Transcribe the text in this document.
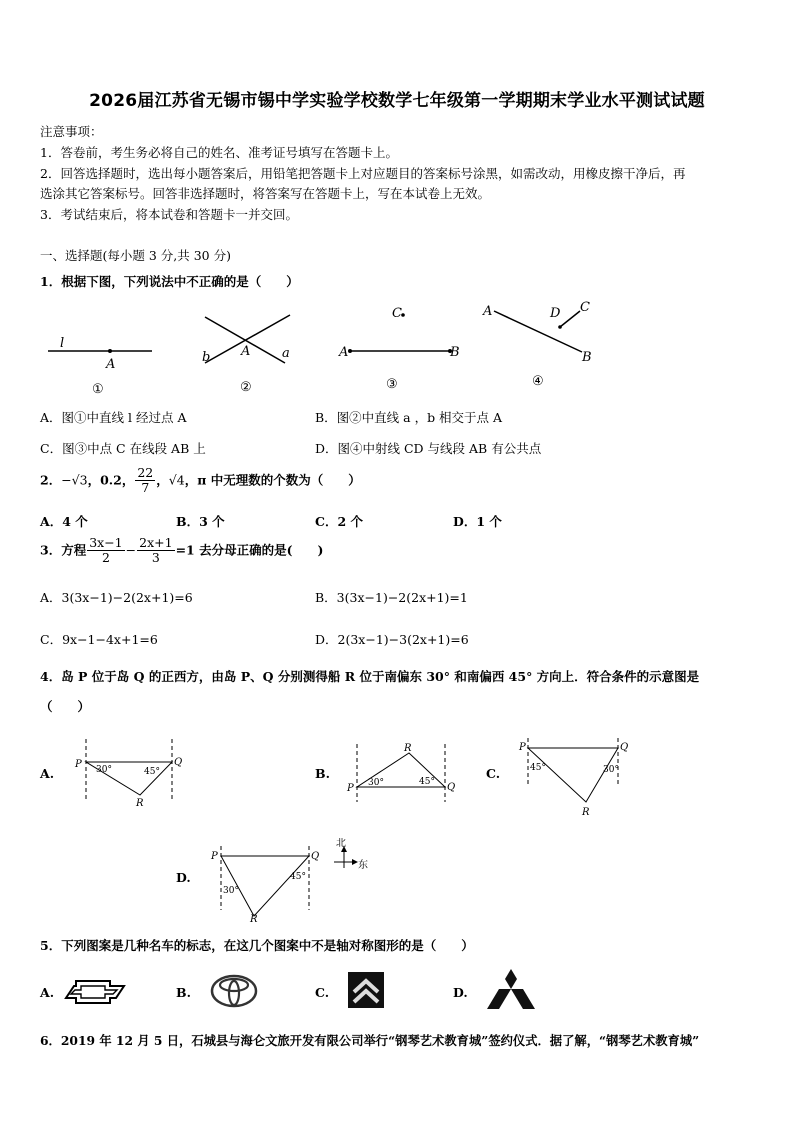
2026届江苏省无锡市锡中学实验学校数学七年级第一学期期末学业水平测试试题
注意事项：
1．答卷前，考生务必将自己的姓名、准考证号填写在答题卡上。
2．回答选择题时，选出每小题答案后，用铅笔把答题卡上对应题目的答案标号涂黑，如需改动，用橡皮擦干净后，再
选涂其它答案标号。回答非选择题时，将答案写在答题卡上，写在本试卷上无效。
3．考试结束后，将本试卷和答题卡一并交回。
一、选择题(每小题 3 分,共 30 分)
1．根据下图，下列说法中不正确的是（　　）
l
A
①
b A a
②
C
A	B
③
A	D C
B
④
A．图①中直线 l 经过点 A	B．图②中直线 a ，b 相交于点 A
C．图③中点 C 在线段 AB 上	D．图④中射线 CD 与线段 AB 有公共点
2．−√3，0.2， $\frac{22}{7}$ ，√4，π 中无理数的个数为（　　）
A．4 个	B．3 个	C．2 个	D．1 个
3．方程 $\frac{3x-1}{2} - \frac{2x+1}{3} =1$ 去分母正确的是(　　)
A．3(3x−1)−2(2x+1)=6	B．3(3x−1)−2(2x+1)=1
C．9x−1−4x+1=6	D．2(3x−1)−3(2x+1)=6
4．岛 P 位于岛 Q 的正西方，由岛 P、Q 分别测得船 R 位于南偏东 30° 和南偏西 45° 方向上．符合条件的示意图是
（　　）
A.
P	Q
R
30°	45°	B.
P	Q
R
30°	45°
C.
P	Q
R
45°	30°
D.
P	Q
R
30°
45°
北
东
5．下列图案是几种名车的标志，在这几个图案中不是轴对称图形的是（　　）
A.	B.	C.	D.
6．2019 年 12 月 5 日，石城县与海仑文旅开发有限公司举行“钢琴艺术教育城”签约仪式．据了解，“钢琴艺术教育城”
